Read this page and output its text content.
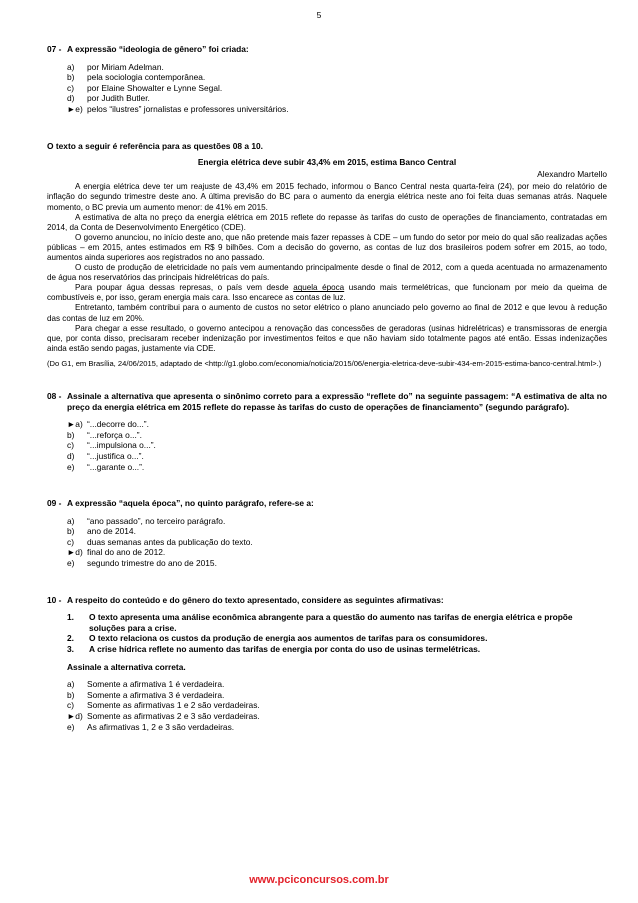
5
07 - A expressão “ideologia de gênero” foi criada:
a)	por Miriam Adelman.
b)	pela sociologia contemporânea.
c)	por Elaine Showalter e Lynne Segal.
d)	por Judith Butler.
►e) pelos “ilustres” jornalistas e professores universitários.
O texto a seguir é referência para as questões 08 a 10.
Energia elétrica deve subir 43,4% em 2015, estima Banco Central
Alexandro Martello
A energia elétrica deve ter um reajuste de 43,4% em 2015 fechado, informou o Banco Central nesta quarta-feira (24), por meio do relatório de inflação do segundo trimestre deste ano. A última previsão do BC para o aumento da energia elétrica neste ano foi feita duas semanas atrás. Naquele momento, o BC previa um aumento menor: de 41% em 2015.
A estimativa de alta no preço da energia elétrica em 2015 reflete do repasse às tarifas do custo de operações de financiamento, contratadas em 2014, da Conta de Desenvolvimento Energético (CDE).
O governo anunciou, no início deste ano, que não pretende mais fazer repasses à CDE – um fundo do setor por meio do qual são realizadas ações públicas – em 2015, antes estimados em R$ 9 bilhões. Com a decisão do governo, as contas de luz dos brasileiros podem sofrer em 2015, ao todo, aumentos ainda superiores aos registrados no ano passado.
O custo de produção de eletricidade no país vem aumentando principalmente desde o final de 2012, com a queda acentuada no armazenamento de água nos reservatórios das principais hidrelétricas do país.
Para poupar água dessas represas, o país vem desde aquela época usando mais termelétricas, que funcionam por meio da queima de combustíveis e, por isso, geram energia mais cara. Isso encarece as contas de luz.
Entretanto, também contribui para o aumento de custos no setor elétrico o plano anunciado pelo governo ao final de 2012 e que levou à redução das contas de luz em 20%.
Para chegar a esse resultado, o governo antecipou a renovação das concessões de geradoras (usinas hidrelétricas) e transmissoras de energia que, por conta disso, precisaram receber indenização por investimentos feitos e que não haviam sido totalmente pagos até então. Essas indenizações ainda estão sendo pagas, justamente via CDE.
(Do G1, em Brasília, 24/06/2015, adaptado de <http://g1.globo.com/economia/noticia/2015/06/energia-eletrica-deve-subir-434-em-2015-estima-banco-central.html>.)
08 - Assinale a alternativa que apresenta o sinônimo correto para a expressão “reflete do” na seguinte passagem: “A estimativa de alta no preço da energia elétrica em 2015 reflete do repasse às tarifas do custo de operações de financiamento” (segundo parágrafo).
►a) “...decorre do...”.
b)	“...reforça o...”.
c)	“...impulsiona o...”.
d)	“...justifica o...”.
e)	“...garante o...”.
09 - A expressão “aquela época”, no quinto parágrafo, refere-se a:
a)	“ano passado”, no terceiro parágrafo.
b)	ano de 2014.
c)	duas semanas antes da publicação do texto.
►d) final do ano de 2012.
e)	segundo trimestre do ano de 2015.
10 - A respeito do conteúdo e do gênero do texto apresentado, considere as seguintes afirmativas:
1.	O texto apresenta uma análise econômica abrangente para a questão do aumento nas tarifas de energia elétrica e propõe soluções para a crise.
2.	O texto relaciona os custos da produção de energia aos aumentos de tarifas para os consumidores.
3.	A crise hídrica reflete no aumento das tarifas de energia por conta do uso de usinas termelétricas.
Assinale a alternativa correta.
a)	Somente a afirmativa 1 é verdadeira.
b)	Somente a afirmativa 3 é verdadeira.
c)	Somente as afirmativas 1 e 2 são verdadeiras.
►d) Somente as afirmativas 2 e 3 são verdadeiras.
e)	As afirmativas 1, 2 e 3 são verdadeiras.
www.pciconcursos.com.br
